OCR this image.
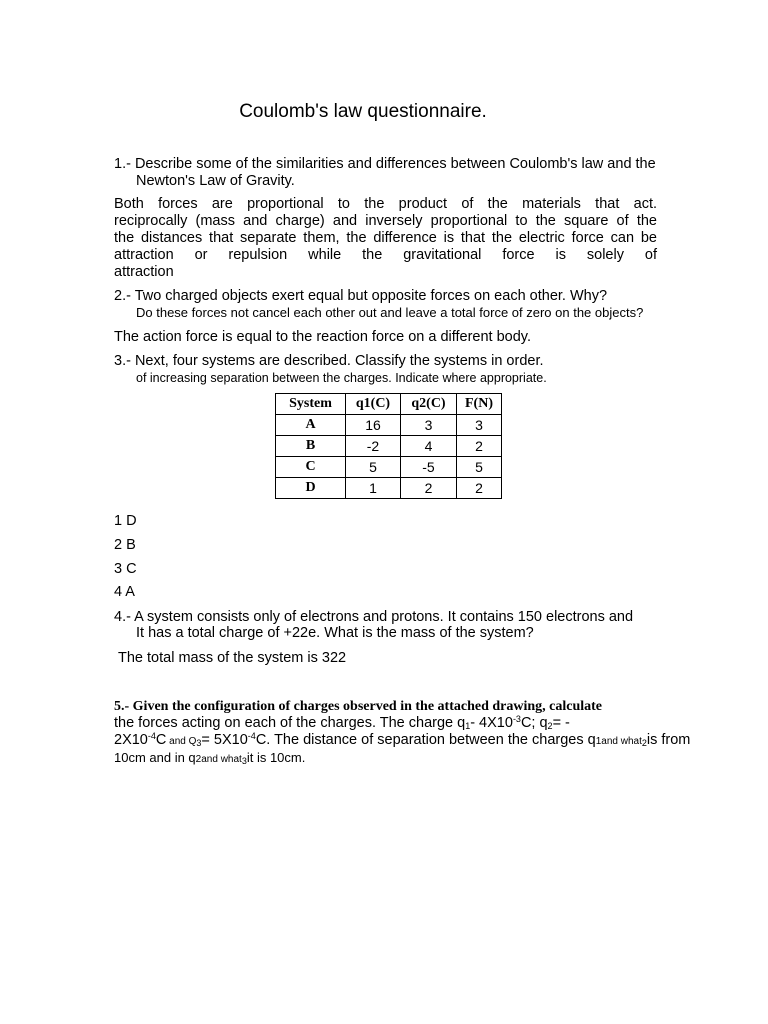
Coulomb's law questionnaire.
1.- Describe some of the similarities and differences between Coulomb's law and the
Newton's Law of Gravity.
Both forces are proportional to the product of the materials that act.
reciprocally (mass and charge) and inversely proportional to the square of the
the distances that separate them, the difference is that the electric force can be
attraction or repulsion while the gravitational force is solely of
attraction
2.- Two charged objects exert equal but opposite forces on each other. Why?
Do these forces not cancel each other out and leave a total force of zero on the objects?
The action force is equal to the reaction force on a different body.
3.- Next, four systems are described. Classify the systems in order.
of increasing separation between the charges. Indicate where appropriate.
System	q1(C)	q2(C)	F(N)
A	16	3	3
B	-2	4	2
C	5	-5	5
D	1	2	2
1 D
2 B
3 C
4 A
4.- A system consists only of electrons and protons. It contains 150 electrons and
It has a total charge of +22e. What is the mass of the system?
The total mass of the system is 322
5.- Given the configuration of charges observed in the attached drawing, calculate
the forces acting on each of the charges. The charge $q_1-$ $4X10^{-3}C$; $q_2=$ -
$2X10^{-4}C$ and $Q_3= 5X10^{-4}C$. The distance of separation between the charges q1and what$_2$is from
10cm and in q2and what$_3$it is 10cm.
